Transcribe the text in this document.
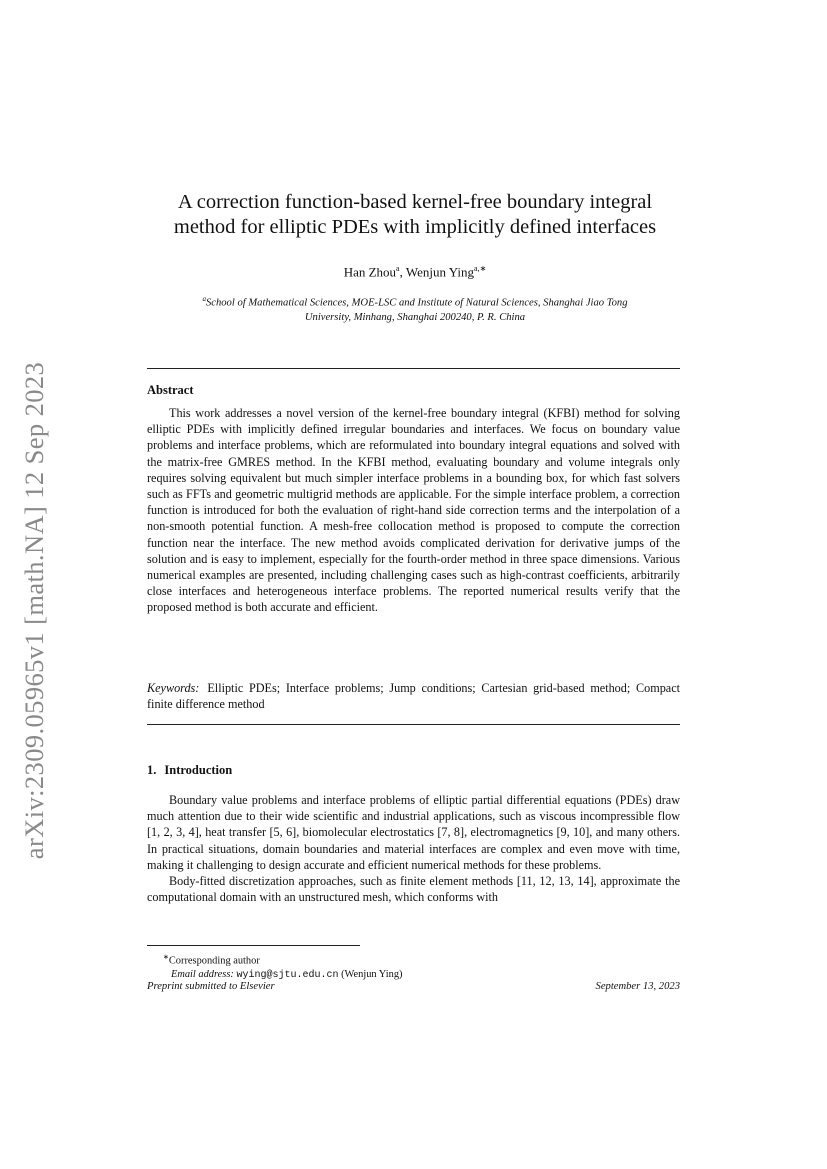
arXiv:2309.05965v1 [math.NA] 12 Sep 2023
A correction function-based kernel-free boundary integral
method for elliptic PDEs with implicitly defined interfaces
Han Zhou$^a$, Wenjun Ying$^{a,∗}$
$^a$School of Mathematical Sciences, MOE-LSC and Institute of Natural Sciences, Shanghai Jiao Tong
University, Minhang, Shanghai 200240, P. R. China
Abstract
This work addresses a novel version of the kernel-free boundary integral (KFBI) method for solving elliptic PDEs with implicitly defined irregular boundaries and interfaces. We focus on boundary value problems and interface problems, which are reformulated into boundary integral equations and solved with the matrix-free GMRES method. In the KFBI method, evaluating boundary and volume integrals only requires solving equivalent but much simpler interface problems in a bounding box, for which fast solvers such as FFTs and geometric multigrid methods are applicable. For the simple interface problem, a correction function is introduced for both the evaluation of right-hand side correction terms and the interpolation of a non-smooth potential function. A mesh-free collocation method is proposed to compute the correction function near the interface. The new method avoids complicated derivation for derivative jumps of the solution and is easy to implement, especially for the fourth-order method in three space dimensions. Various numerical examples are presented, including challenging cases such as high-contrast coefficients, arbitrarily close interfaces and heterogeneous interface problems. The reported numerical results verify that the proposed method is both accurate and efficient.
Keywords: Elliptic PDEs; Interface problems; Jump conditions; Cartesian grid-based method; Compact finite difference method
1. Introduction

Boundary value problems and interface problems of elliptic partial differential equations (PDEs) draw much attention due to their wide scientific and industrial applications, such as viscous incompressible flow [1, 2, 3, 4], heat transfer [5, 6], biomolecular electrostatics [7, 8], electromagnetics [9, 10], and many others. In practical situations, domain boundaries and material interfaces are complex and even move with time, making it challenging to design accurate and efficient numerical methods for these problems.

Body-fitted discretization approaches, such as finite element methods [11, 12, 13, 14], approximate the computational domain with an unstructured mesh, which conforms with

∗Corresponding author
Email address: wying@sjtu.edu.cn (Wenjun Ying)
Preprint submitted to Elsevier	September 13, 2023
